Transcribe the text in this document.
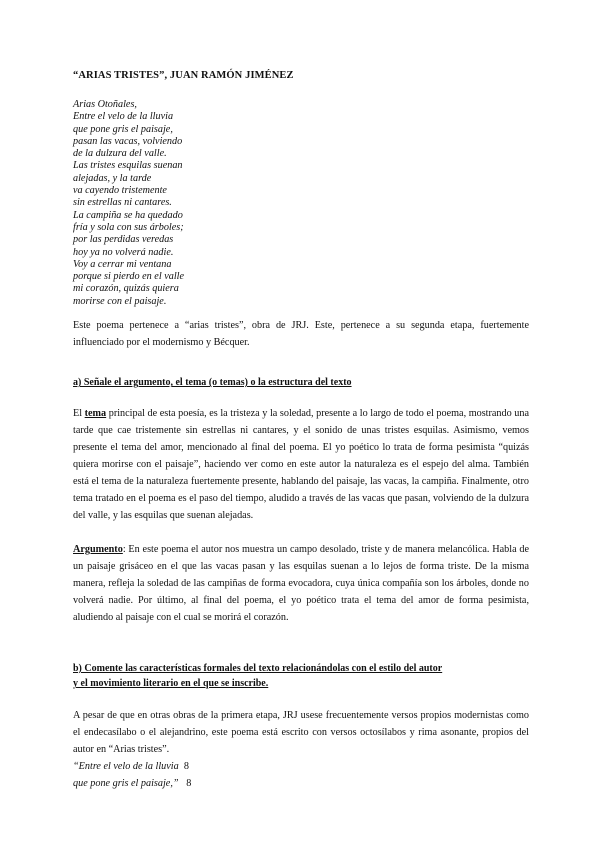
“ARIAS TRISTES”, JUAN RAMÓN JIMÉNEZ
Arias Otoñales,
Entre el velo de la lluvia
que pone gris el paisaje,
pasan las vacas, volviendo
de la dulzura del valle.
Las tristes esquilas suenan
alejadas, y la tarde
va cayendo tristemente
sin estrellas ni cantares.
La campiña se ha quedado
fría y sola con sus árboles;
por las perdidas veredas
hoy ya no volverá nadie.
Voy a cerrar mi ventana
porque si pierdo en el valle
mi corazón, quizás quiera
morirse con el paisaje.

Este poema pertenece a “arias tristes”, obra de JRJ. Este, pertenece a su segunda etapa, fuertemente influenciado por el modernismo y Bécquer.

a) Señale el argumento, el tema (o temas) o la estructura del texto

El tema principal de esta poesía, es la tristeza y la soledad, presente a lo largo de todo el poema, mostrando una tarde que cae tristemente sin estrellas ni cantares, y el sonido de unas tristes esquilas. Asimismo, vemos presente el tema del amor, mencionado al final del poema. El yo poético lo trata de forma pesimista “quizás quiera morirse con el paisaje”, haciendo ver como en este autor la naturaleza es el espejo del alma. También está el tema de la naturaleza fuertemente presente, hablando del paisaje, las vacas, la campiña. Finalmente, otro tema tratado en el poema es el paso del tiempo, aludido a través de las vacas que pasan, volviendo de la dulzura del valle, y las esquilas que suenan alejadas.

Argumento: En este poema el autor nos muestra un campo desolado, triste y de manera melancólica. Habla de un paisaje grisáceo en el que las vacas pasan y las esquilas suenan a lo lejos de forma triste. De la misma manera, refleja la soledad de las campiñas de forma evocadora, cuya única compañía son los árboles, donde no volverá nadie. Por último, al final del poema, el yo poético trata el tema del amor de forma pesimista, aludiendo al paisaje con el cual se morirá el corazón.

b) Comente las características formales del texto relacionándolas con el estilo del autor
y el movimiento literario en el que se inscribe.

A pesar de que en otras obras de la primera etapa, JRJ usese frecuentemente versos propios modernistas como el endecasílabo o el alejandrino, este poema está escrito con versos octosílabos y rima asonante, propios del autor en “Arias tristes”.

“Entre el velo de la lluvia 8
que pone gris el paisaje,” 8
